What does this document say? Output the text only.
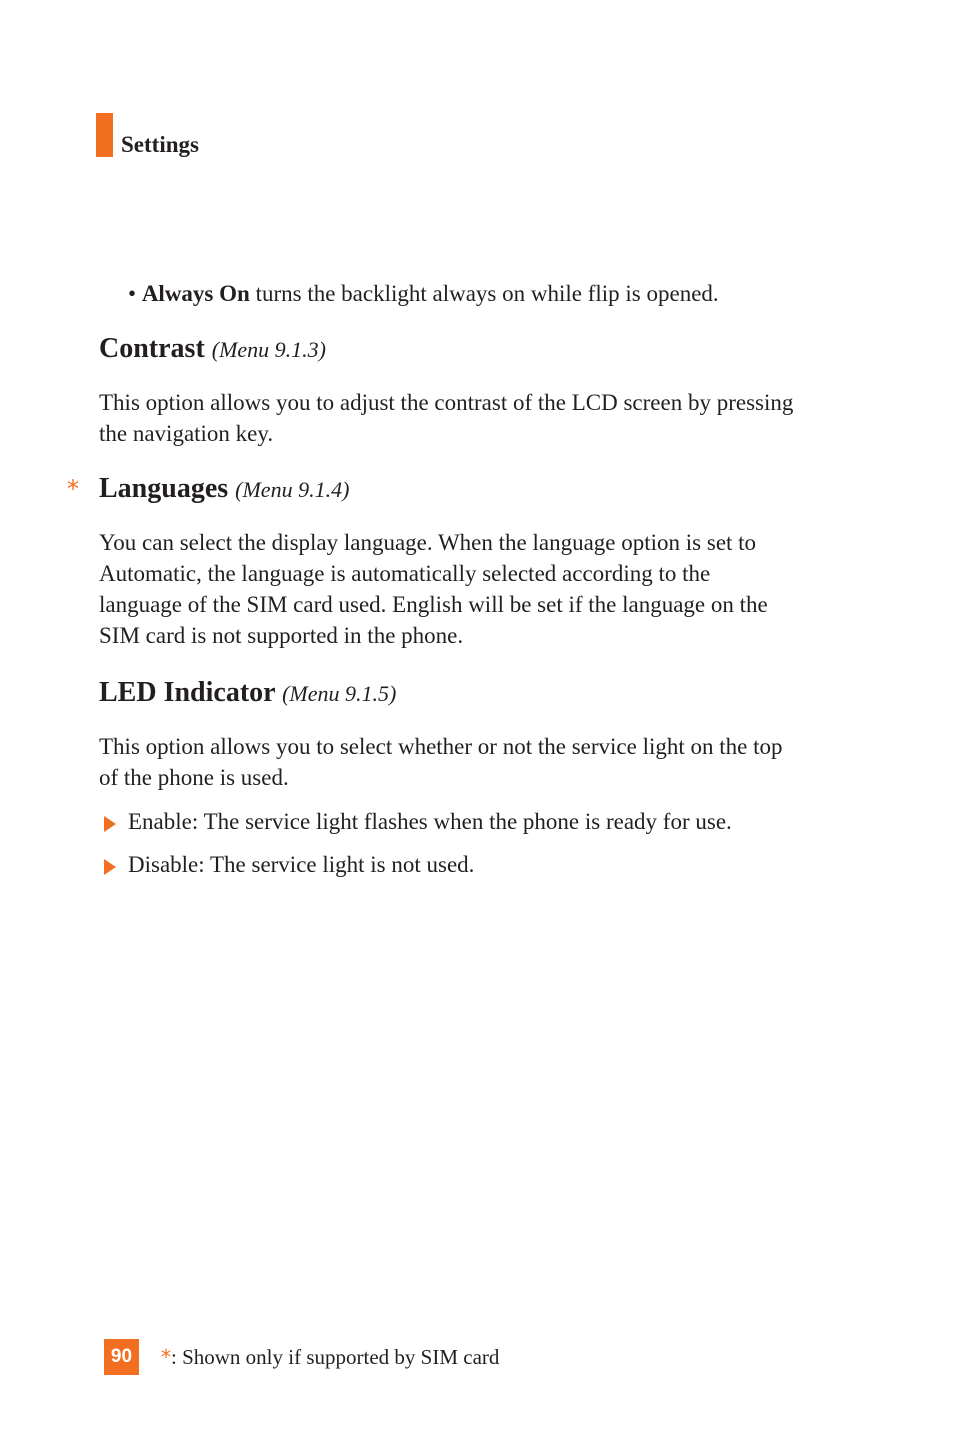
Settings
• Always On turns the backlight always on while flip is opened.
Contrast (Menu 9.1.3)
This option allows you to adjust the contrast of the LCD screen by pressing
the navigation key.
* Languages (Menu 9.1.4)
You can select the display language. When the language option is set to
Automatic, the language is automatically selected according to the
language of the SIM card used. English will be set if the language on the
SIM card is not supported in the phone.
LED Indicator (Menu 9.1.5)
This option allows you to select whether or not the service light on the top
of the phone is used.
Enable: The service light flashes when the phone is ready for use.
Disable: The service light is not used.
90	*: Shown only if supported by SIM card
